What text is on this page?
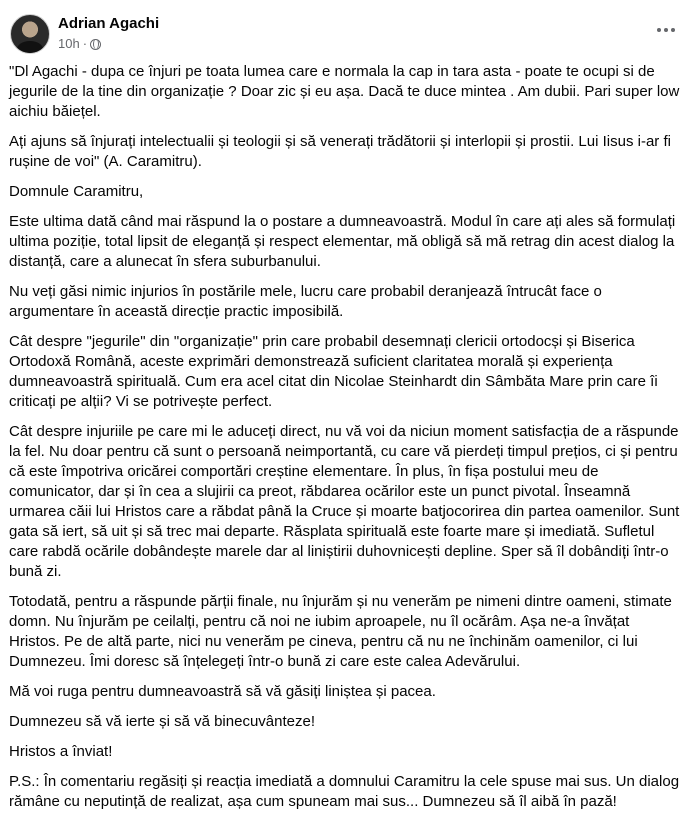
Adrian Agachi
10h ·

"Dl Agachi - dupa ce înjuri pe toata lumea care e normala la cap in tara asta - poate te ocupi si de jegurile de la tine din organizație ? Doar zic și eu așa. Dacă te duce mintea . Am dubii. Pari super low aichiu băiețel.

Ați ajuns să înjurați intelectualii și teologii și să venerați trădătorii și interlopii și prostii. Lui Iisus i-ar fi rușine de voi" (A. Caramitru).

Domnule Caramitru,

Este ultima dată când mai răspund la o postare a dumneavoastră. Modul în care ați ales să formulați ultima poziție, total lipsit de eleganță și respect elementar, mă obligă să mă retrag din acest dialog la distanță, care a alunecat în sfera suburbanului.

Nu veți găsi nimic injurios în postările mele, lucru care probabil deranjează întrucât face o argumentare în această direcție practic imposibilă.

Cât despre "jegurile" din "organizație" prin care probabil desemnați clericii ortodocși și Biserica Ortodoxă Română, aceste exprimări demonstrează suficient claritatea morală și experiența dumneavoastră spirituală. Cum era acel citat din Nicolae Steinhardt din Sâmbăta Mare prin care îi criticați pe alții? Vi se potrivește perfect.

Cât despre injuriile pe care mi le aduceți direct, nu vă voi da niciun moment satisfacția de a răspunde la fel. Nu doar pentru că sunt o persoană neimportantă, cu care vă pierdeți timpul prețios, ci și pentru că este împotriva oricărei comportări creștine elementare. În plus, în fișa postului meu de comunicator, dar și în cea a slujirii ca preot, răbdarea ocărilor este un punct pivotal. Înseamnă urmarea căii lui Hristos care a răbdat până la Cruce și moarte batjocorirea din partea oamenilor. Sunt gata să iert, să uit și să trec mai departe. Răsplata spirituală este foarte mare și imediată. Sufletul care rabdă ocările dobândește marele dar al liniștirii duhovnicești depline. Sper să îl dobândiți într-o bună zi.

Totodată, pentru a răspunde părții finale, nu înjurăm și nu venerăm pe nimeni dintre oameni, stimate domn. Nu înjurăm pe ceilalți, pentru că noi ne iubim aproapele, nu îl ocărâm. Așa ne-a învățat Hristos. Pe de altă parte, nici nu venerăm pe cineva, pentru că nu ne închinăm oamenilor, ci lui Dumnezeu. Îmi doresc să înțelegeți într-o bună zi care este calea Adevărului.

Mă voi ruga pentru dumneavoastră să vă găsiți liniștea și pacea.

Dumnezeu să vă ierte și să vă binecuvânteze!

Hristos a înviat!

P.S.: În comentariu regăsiți și reacția imediată a domnului Caramitru la cele spuse mai sus. Un dialog rămâne cu neputință de realizat, așa cum spuneam mai sus... Dumnezeu să îl aibă în pază!
